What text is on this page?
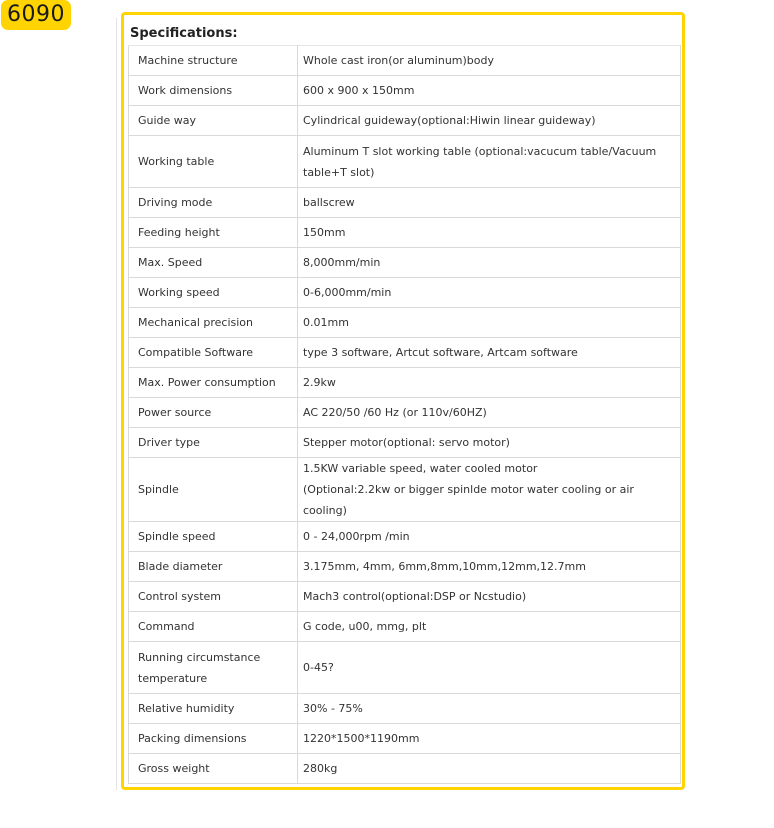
6090
Specifications:
Machine structure	Whole cast iron(or aluminum)body
Work dimensions	600 x 900 x 150mm
Guide way	Cylindrical guideway(optional:Hiwin linear guideway)
Working table	Aluminum T slot working table (optional:vacucum table/Vacuum table+T slot)
Driving mode	ballscrew
Feeding height	150mm
Max. Speed	8,000mm/min
Working speed	0-6,000mm/min
Mechanical precision	0.01mm
Compatible Software	type 3 software, Artcut software, Artcam software
Max. Power consumption	2.9kw
Power source	AC 220/50 /60 Hz (or 110v/60HZ)
Driver type	Stepper motor(optional: servo motor)
Spindle	1.5KW variable speed, water cooled motor
(Optional:2.2kw or bigger spinlde motor water cooling or air cooling)

Spindle speed	0 - 24,000rpm /min
Blade diameter	3.175mm, 4mm, 6mm,8mm,10mm,12mm,12.7mm
Control system	Mach3 control(optional:DSP or Ncstudio)
Command	G code, u00, mmg, plt
Running circumstance temperature	0-45?
Relative humidity	30% - 75%
Packing dimensions	1220*1500*1190mm
Gross weight	280kg
